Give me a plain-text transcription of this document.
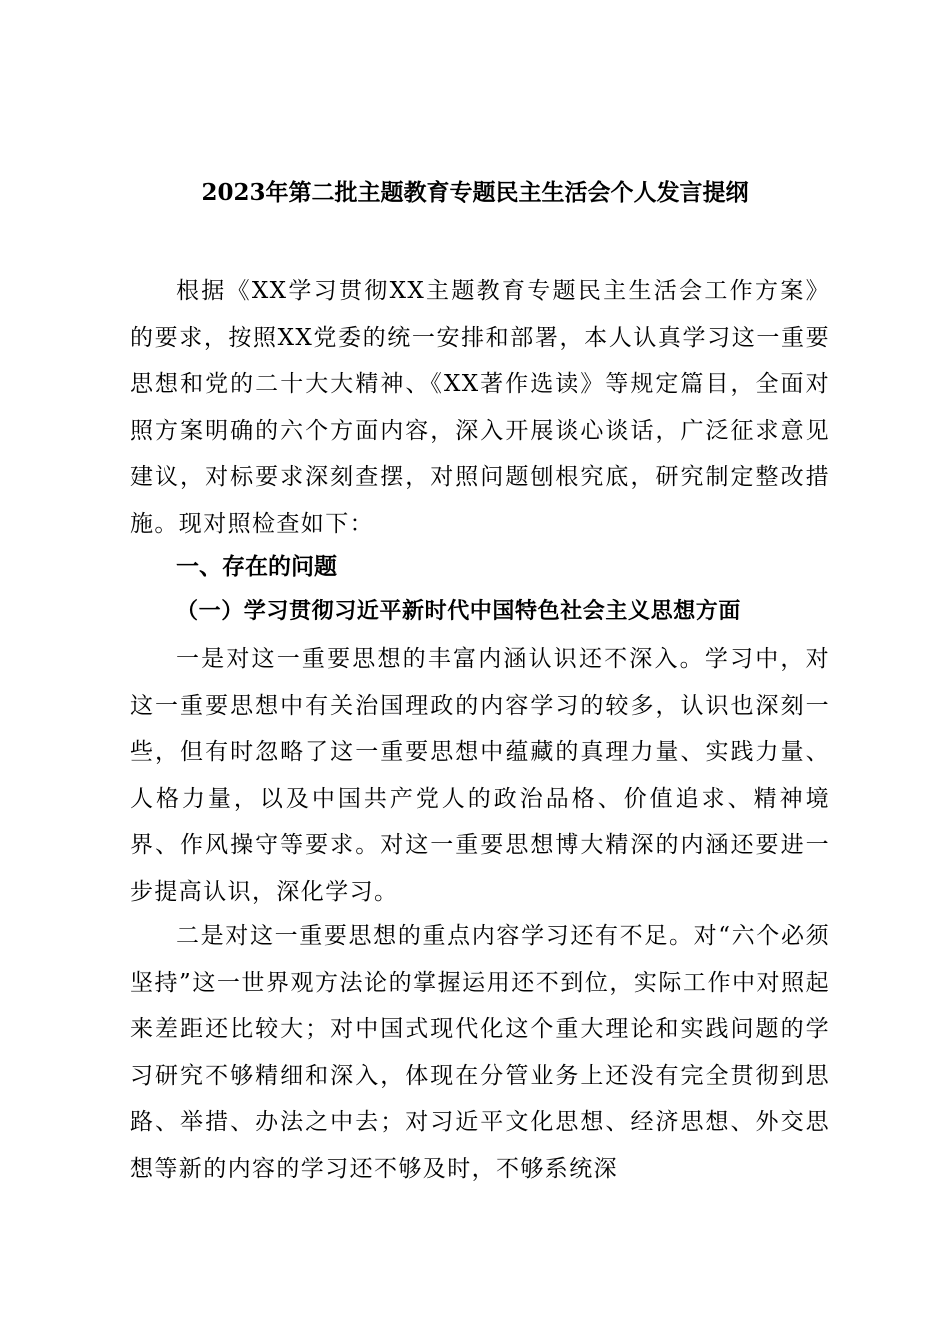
2023年第二批主题教育专题民主生活会个人发言提纲

根据《XX学习贯彻XX主题教育专题民主生活会工作方案》的要求，按照XX党委的统一安排和部署，本人认真学习这一重要思想和党的二十大大精神、《XX著作选读》等规定篇目，全面对照方案明确的六个方面内容，深入开展谈心谈话，广泛征求意见建议，对标要求深刻查摆，对照问题刨根究底，研究制定整改措施。现对照检查如下：

一、存在的问题
（一）学习贯彻习近平新时代中国特色社会主义思想方面

一是对这一重要思想的丰富内涵认识还不深入。学习中，对这一重要思想中有关治国理政的内容学习的较多，认识也深刻一些，但有时忽略了这一重要思想中蕴藏的真理力量、实践力量、人格力量，以及中国共产党人的政治品格、价值追求、精神境界、作风操守等要求。对这一重要思想博大精深的内涵还要进一步提高认识，深化学习。

二是对这一重要思想的重点内容学习还有不足。对“六个必须坚持”这一世界观方法论的掌握运用还不到位，实际工作中对照起来差距还比较大；对中国式现代化这个重大理论和实践问题的学习研究不够精细和深入，体现在分管业务上还没有完全贯彻到思路、举措、办法之中去；对习近平文化思想、经济思想、外交思想等新的内容的学习还不够及时，不够系统深
